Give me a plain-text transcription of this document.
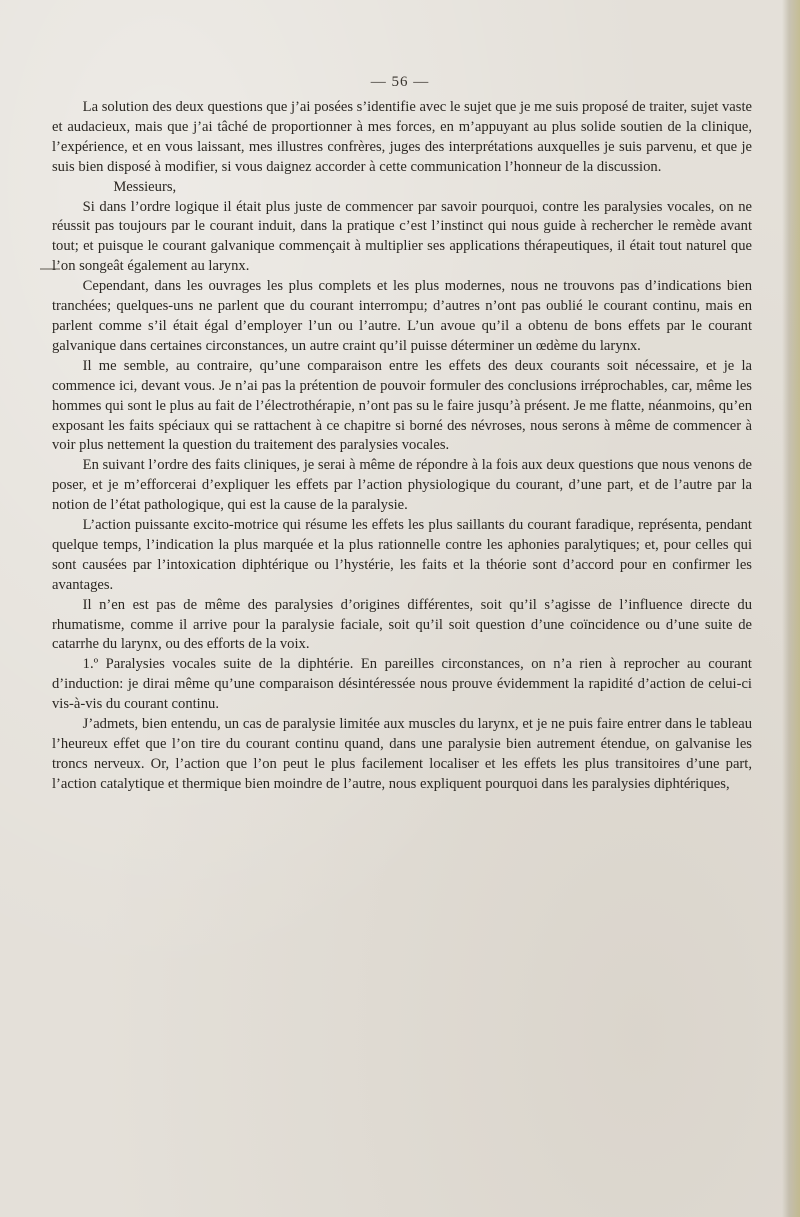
— 56 —

La solution des deux questions que j’ai posées s’identifie avec le sujet que je me suis proposé de traiter, sujet vaste et audacieux, mais que j’ai tâché de proportionner à mes forces, en m’appuyant au plus solide soutien de la clinique, l’expérience, et en vous laissant, mes illustres confrères, juges des interprétations auxquelles je suis parvenu, et que je suis bien disposé à modifier, si vous daignez accorder à cette communication l’honneur de la discussion.

Messieurs,

Si dans l’ordre logique il était plus juste de commencer par savoir pourquoi, contre les paralysies vocales, on ne réussit pas toujours par le courant induit, dans la pratique c’est l’instinct qui nous guide à rechercher le remède avant tout; et puisque le courant galvanique commençait à multiplier ses applications thérapeutiques, il était tout naturel que l’on songeât également au larynx.

Cependant, dans les ouvrages les plus complets et les plus modernes, nous ne trouvons pas d’indications bien tranchées; quelques-uns ne parlent que du courant interrompu; d’autres n’ont pas oublié le courant continu, mais en parlent comme s’il était égal d’employer l’un ou l’autre. L’un avoue qu’il a obtenu de bons effets par le courant galvanique dans certaines circonstances, un autre craint qu’il puisse déterminer un œdème du larynx.

Il me semble, au contraire, qu’une comparaison entre les effets des deux courants soit nécessaire, et je la commence ici, devant vous. Je n’ai pas la prétention de pouvoir formuler des conclusions irréprochables, car, même les hommes qui sont le plus au fait de l’électrothérapie, n’ont pas su le faire jusqu’à présent. Je me flatte, néanmoins, qu’en exposant les faits spéciaux qui se rattachent à ce chapitre si borné des névroses, nous serons à même de commencer à voir plus nettement la question du traitement des paralysies vocales.

En suivant l’ordre des faits cliniques, je serai à même de répondre à la fois aux deux questions que nous venons de poser, et je m’efforcerai d’expliquer les effets par l’action physiologique du courant, d’une part, et de l’autre par la notion de l’état pathologique, qui est la cause de la paralysie.

L’action puissante excito-motrice qui résume les effets les plus saillants du courant faradique, représenta, pendant quelque temps, l’indication la plus marquée et la plus rationnelle contre les aphonies paralytiques; et, pour celles qui sont causées par l’intoxication diphtérique ou l’hystérie, les faits et la théorie sont d’accord pour en confirmer les avantages.

Il n’en est pas de même des paralysies d’origines différentes, soit qu’il s’agisse de l’influence directe du rhumatisme, comme il arrive pour la paralysie faciale, soit qu’il soit question d’une coïncidence ou d’une suite de catarrhe du larynx, ou des efforts de la voix.

1.º Paralysies vocales suite de la diphtérie. En pareilles circonstances, on n’a rien à reprocher au courant d’induction: je dirai même qu’une comparaison désintéressée nous prouve évidemment la rapidité d’action de celui-ci vis-à-vis du courant continu.

J’admets, bien entendu, un cas de paralysie limitée aux muscles du larynx, et je ne puis faire entrer dans le tableau l’heureux effet que l’on tire du courant continu quand, dans une paralysie bien autrement étendue, on galvanise les troncs nerveux. Or, l’action que l’on peut le plus facilement localiser et les effets les plus transitoires d’une part, l’action catalytique et thermique bien moindre de l’autre, nous expliquent pourquoi dans les paralysies diphtériques,
